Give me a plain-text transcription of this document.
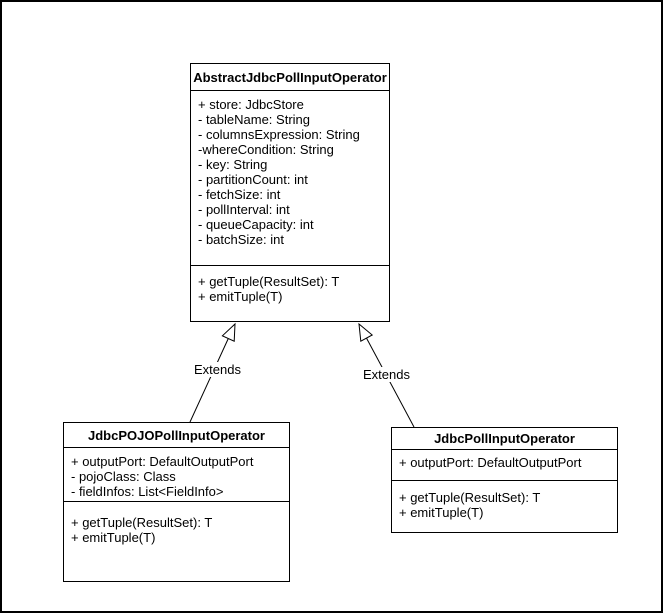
Extends	Extends
AbstractJdbcPollInputOperator
+ store: JdbcStore
- tableName: String
- columnsExpression: String
-whereCondition: String
- key: String
- partitionCount: int
- fetchSize: int
- pollInterval: int
- queueCapacity: int
- batchSize: int
+ getTuple(ResultSet): T
+ emitTuple(T)
JdbcPOJOPollInputOperator
+ outputPort: DefaultOutputPort
- pojoClass: Class
- fieldInfos: List<FieldInfo>
+ getTuple(ResultSet): T
+ emitTuple(T)
JdbcPollInputOperator
+ outputPort: DefaultOutputPort
+ getTuple(ResultSet): T
+ emitTuple(T)
